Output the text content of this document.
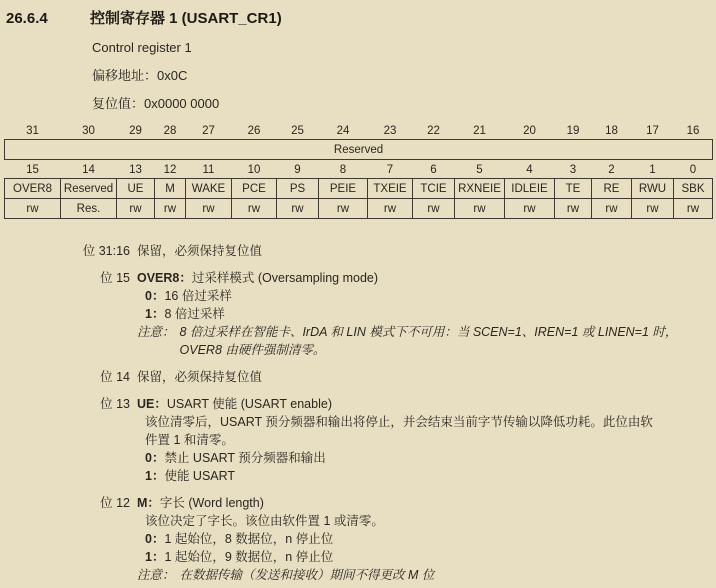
26.6.4	控制寄存器 1 (USART_CR1)
Control register 1
偏移地址：0x0C
复位值：0x0000 0000
31	30	29	28	27	26	25	24	23	22	21	20	19	18	17	16
Reserved															
15	14	13	12	11	10	9	8	7	6	5	4	3	2	1	0
OVER8	Reserved	UE	M	WAKE	PCE	PS	PEIE	TXEIE	TCIE	RXNEIE	IDLEIE	TE	RE	RWU	SBK
rw	Res.	rw	rw	rw	rw	rw	rw	rw	rw	rw	rw	rw	rw	rw	rw
位 31:16 保留，必须保持复位值
位 15 OVER8：过采样模式 (Oversampling mode)
0：16 倍过采样
1：8 倍过采样
注意： 8 倍过采样在智能卡、IrDA 和 LIN 模式下不可用：当 SCEN=1、IREN=1 或 LINEN=1 时，
OVER8 由硬件强制清零。
位 14 保留，必须保持复位值
位 13 UE：USART 使能 (USART enable)
该位清零后，USART 预分频器和输出将停止，并会结束当前字节传输以降低功耗。此位由软
件置 1 和清零。
0：禁止 USART 预分频器和输出
1：使能 USART
位 12 M：字长 (Word length)
该位决定了字长。该位由软件置 1 或清零。
0：1 起始位，8 数据位，n 停止位
1：1 起始位，9 数据位，n 停止位
注意： 在数据传输（发送和接收）期间不得更改 M 位
